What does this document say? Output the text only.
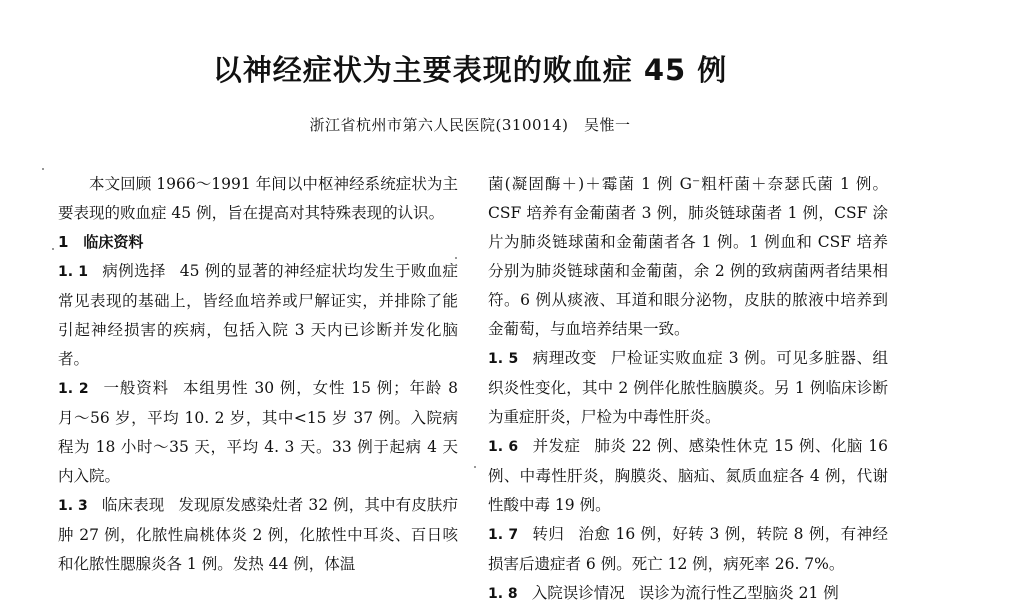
以神经症状为主要表现的败血症 45 例
浙江省杭州市第六人民医院(310014)　吴惟一

本文回顾 1966～1991 年间以中枢神经系统症状为主要表现的败血症 45 例，旨在提高对其特殊表现的认识。

1　临床资料

1. 1 病例选择 45 例的显著的神经症状均发生于败血症常见表现的基础上，皆经血培养或尸解证实，并排除了能引起神经损害的疾病，包括入院 3 天内已诊断并发化脑者。

1. 2 一般资料 本组男性 30 例，女性 15 例；年龄 8 月～56 岁，平均 10. 2 岁，其中<15 岁 37 例。入院病程为 18 小时～35 天，平均 4. 3 天。33 例于起病 4 天内入院。

1. 3 临床表现 发现原发感染灶者 32 例，其中有皮肤疖肿 27 例，化脓性扁桃体炎 2 例，化脓性中耳炎、百日咳和化脓性腮腺炎各 1 例。发热 44 例，体温

菌(凝固酶＋)＋霉菌 1 例 G⁻粗杆菌＋奈瑟氏菌 1 例。CSF 培养有金葡菌者 3 例，肺炎链球菌者 1 例，CSF 涂片为肺炎链球菌和金葡菌者各 1 例。1 例血和 CSF 培养分别为肺炎链球菌和金葡菌，余 2 例的致病菌两者结果相符。6 例从痰液、耳道和眼分泌物，皮肤的脓液中培养到金葡萄，与血培养结果一致。

1. 5 病理改变 尸检证实败血症 3 例。可见多脏器、组织炎性变化，其中 2 例伴化脓性脑膜炎。另 1 例临床诊断为重症肝炎，尸检为中毒性肝炎。

1. 6 并发症 肺炎 22 例、感染性休克 15 例、化脑 16 例、中毒性肝炎，胸膜炎、脑疝、氮质血症各 4 例，代谢性酸中毒 19 例。

1. 7 转归 治愈 16 例，好转 3 例，转院 8 例，有神经损害后遗症者 6 例。死亡 12 例，病死率 26. 7%。

1. 8 入院误诊情况 误诊为流行性乙型脑炎 21 例
